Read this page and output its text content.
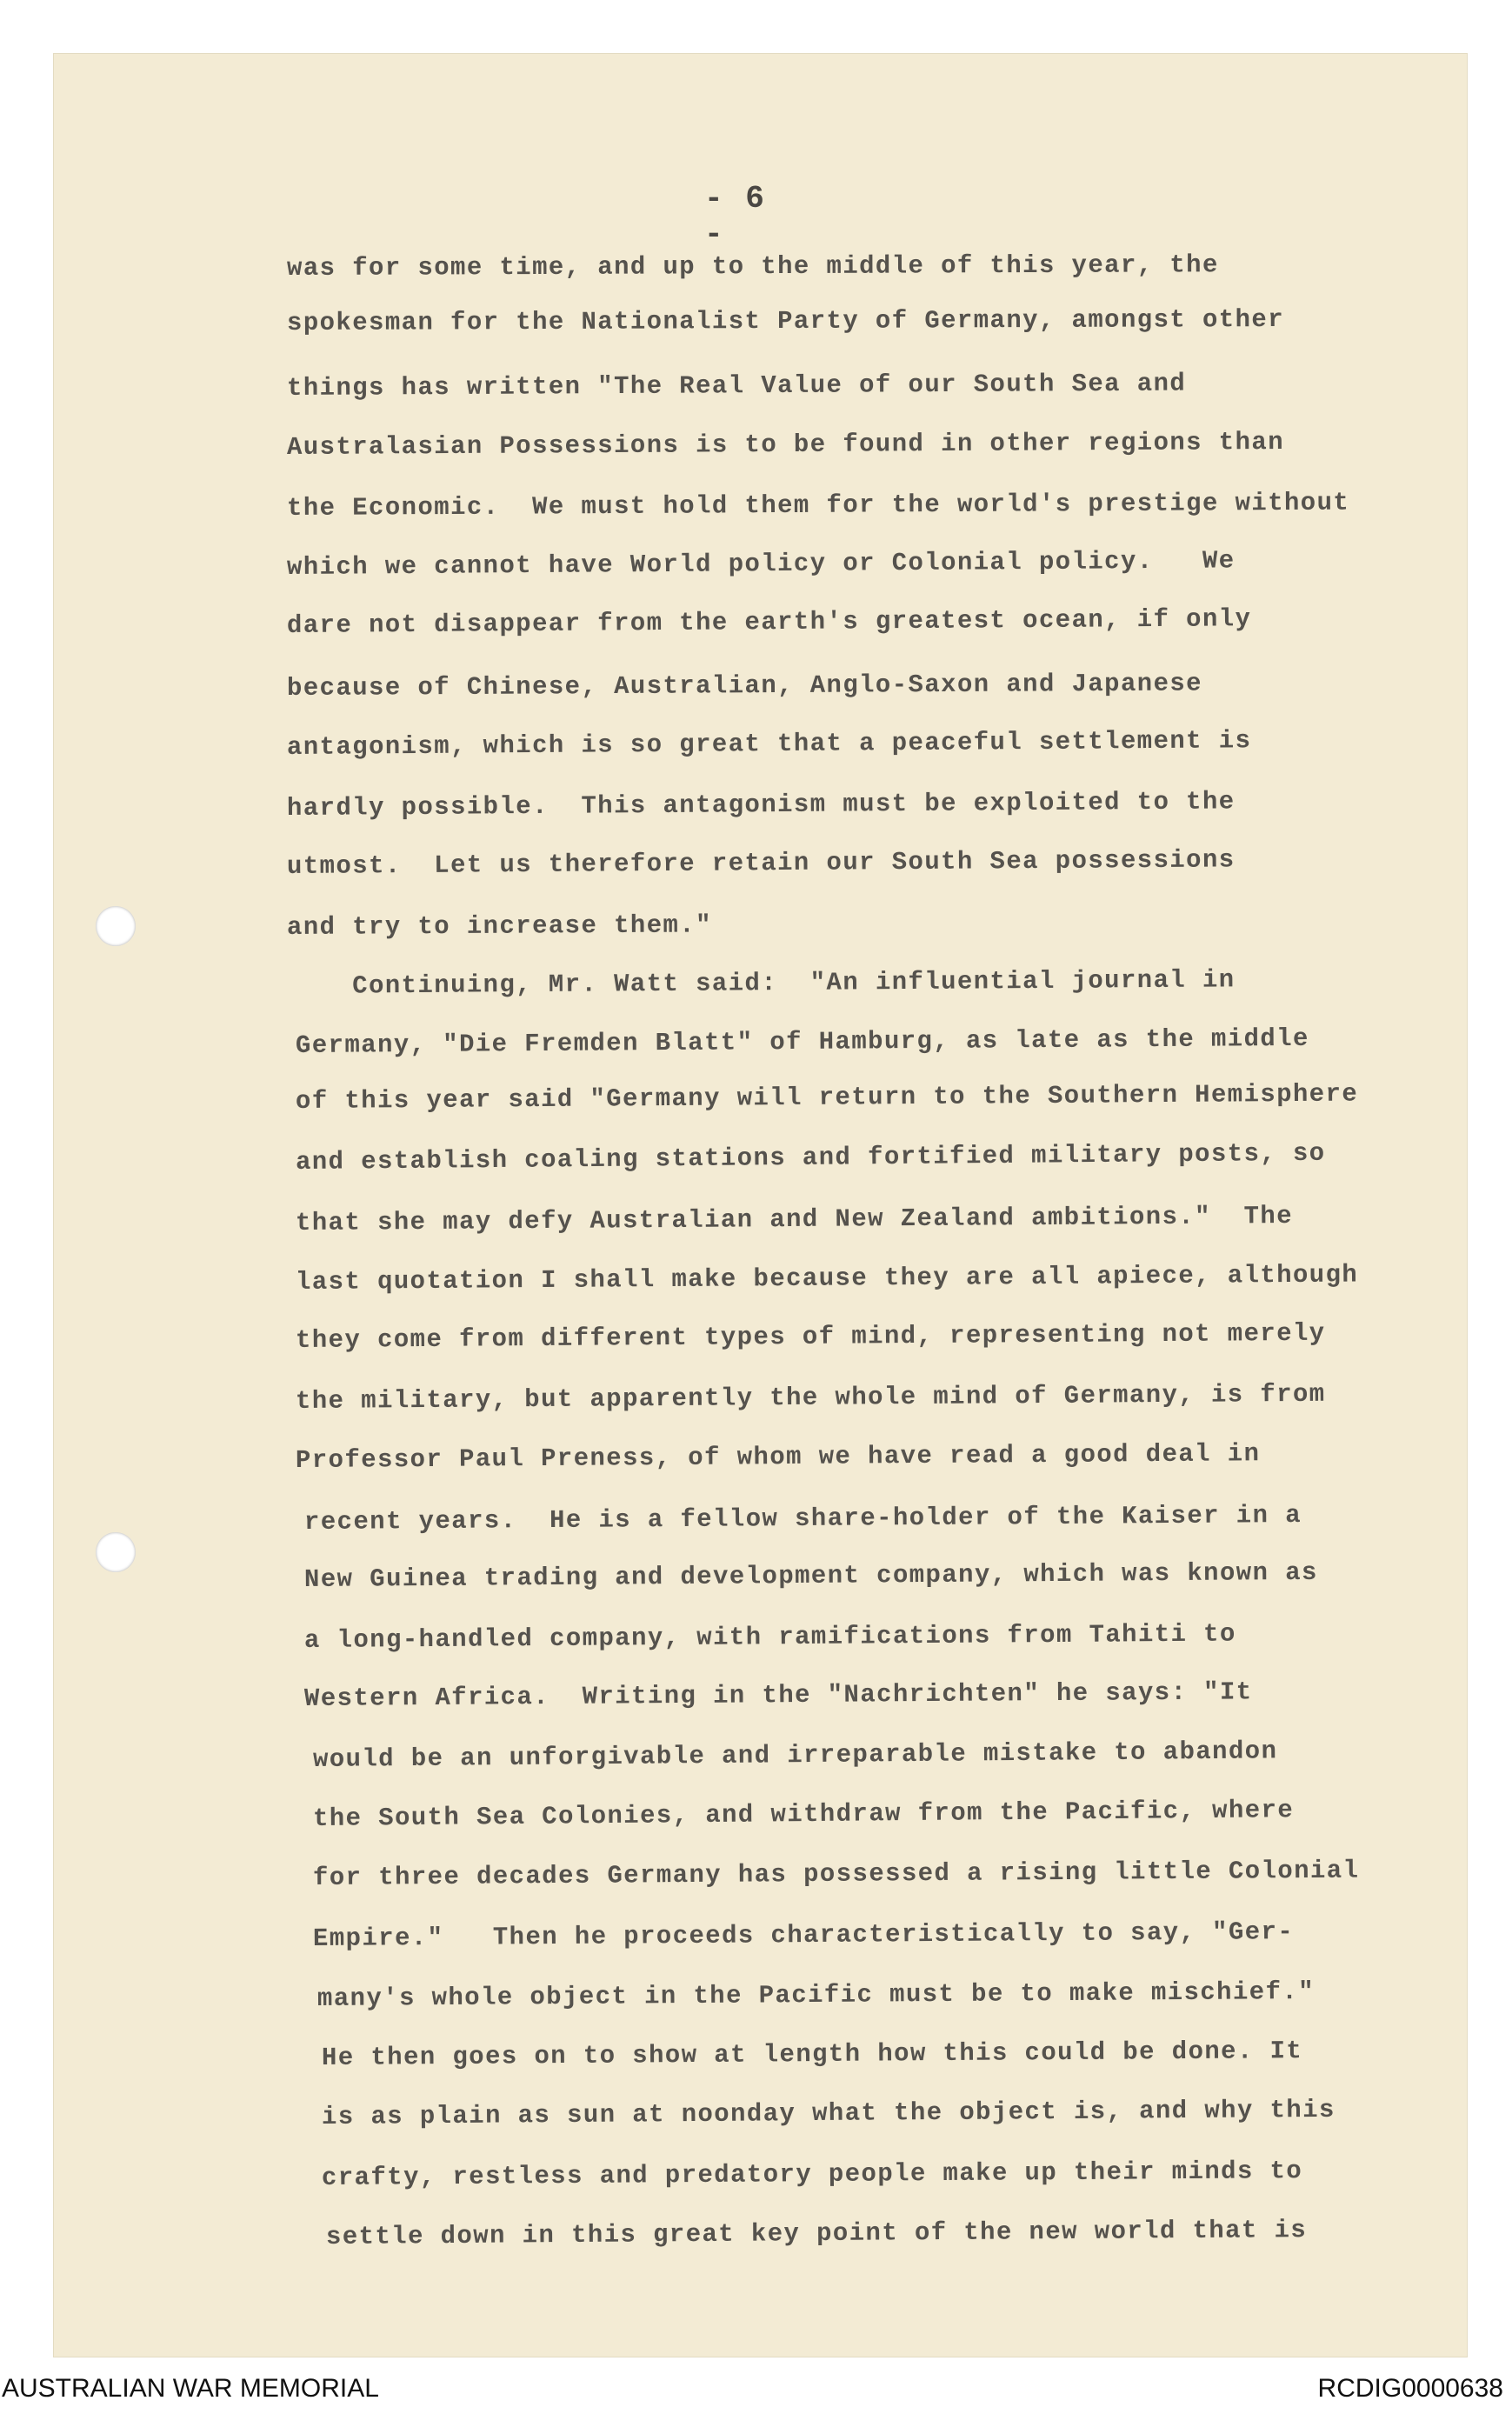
- 6 -
was for some time, and up to the middle of this year, the
spokesman for the Nationalist Party of Germany, amongst other
things has written "The Real Value of our South Sea and
Australasian Possessions is to be found in other regions than
the Economic.  We must hold them for the world's prestige without
which we cannot have World policy or Colonial policy.   We
dare not disappear from the earth's greatest ocean, if only
because of Chinese, Australian, Anglo-Saxon and Japanese
antagonism, which is so great that a peaceful settlement is
hardly possible.  This antagonism must be exploited to the
utmost.  Let us therefore retain our South Sea possessions
and try to increase them."
Continuing, Mr. Watt said:  "An influential journal in
Germany, "Die Fremden Blatt" of Hamburg, as late as the middle
of this year said "Germany will return to the Southern Hemisphere
and establish coaling stations and fortified military posts, so
that she may defy Australian and New Zealand ambitions."  The
last quotation I shall make because they are all apiece, although
they come from different types of mind, representing not merely
the military, but apparently the whole mind of Germany, is from
Professor Paul Preness, of whom we have read a good deal in
recent years.  He is a fellow share-holder of the Kaiser in a
New Guinea trading and development company, which was known as
a long-handled company, with ramifications from Tahiti to
Western Africa.  Writing in the "Nachrichten" he says: "It
would be an unforgivable and irreparable mistake to abandon
the South Sea Colonies, and withdraw from the Pacific, where
for three decades Germany has possessed a rising little Colonial
Empire."   Then he proceeds characteristically to say, "Ger-
many's whole object in the Pacific must be to make mischief."
He then goes on to show at length how this could be done. It
is as plain as sun at noonday what the object is, and why this
crafty, restless and predatory people make up their minds to
settle down in this great key point of the new world that is
AUSTRALIAN WAR MEMORIAL	RCDIG0000638
